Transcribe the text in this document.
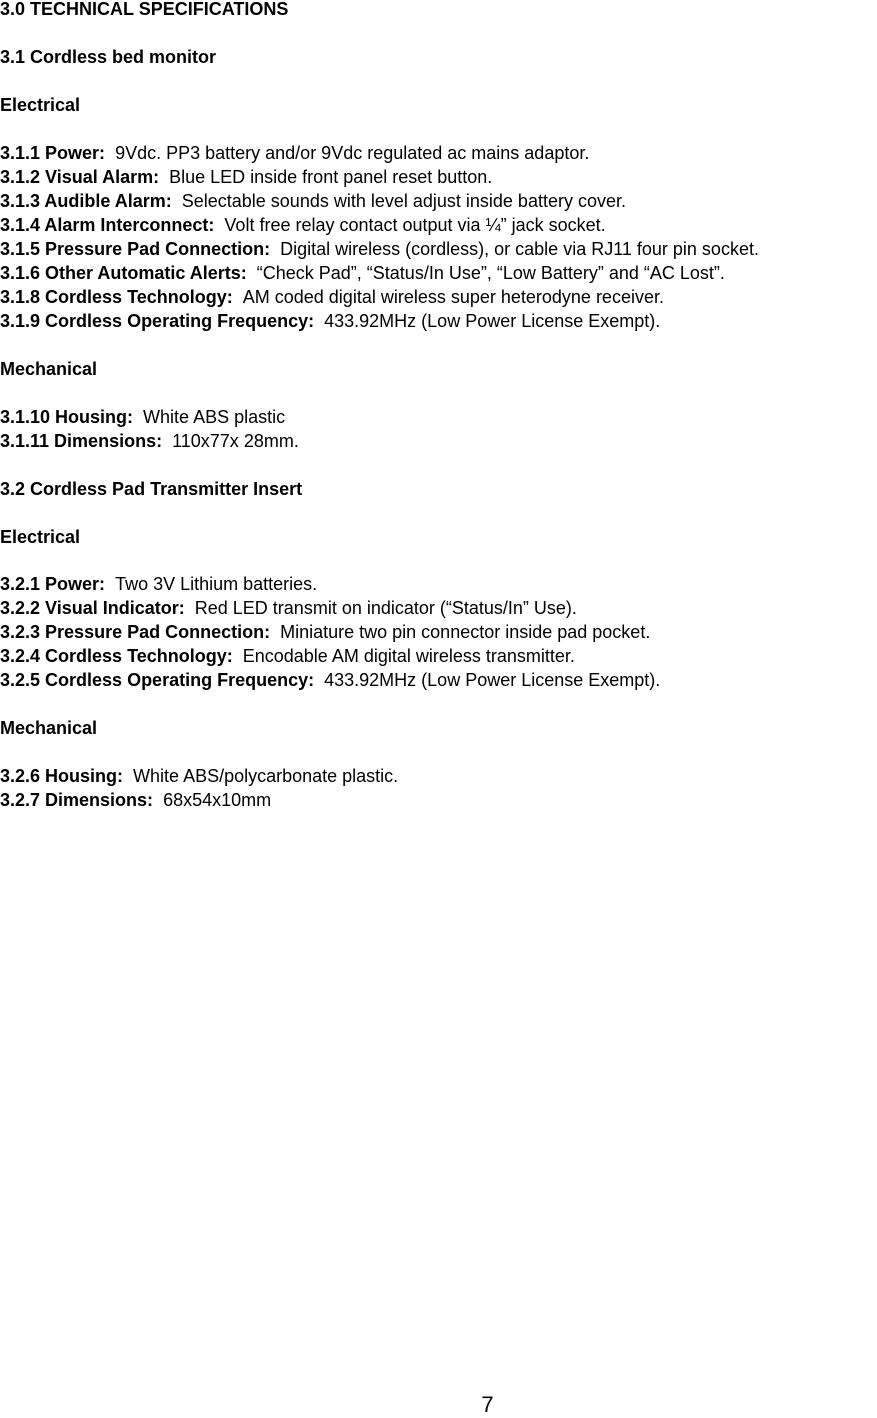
3.0 TECHNICAL SPECIFICATIONS
3.1 Cordless bed monitor
Electrical
3.1.1 Power: 9Vdc. PP3 battery and/or 9Vdc regulated ac mains adaptor.
3.1.2 Visual Alarm: Blue LED inside front panel reset button.
3.1.3 Audible Alarm: Selectable sounds with level adjust inside battery cover.
3.1.4 Alarm Interconnect: Volt free relay contact output via ¼” jack socket.
3.1.5 Pressure Pad Connection: Digital wireless (cordless), or cable via RJ11 four pin socket.
3.1.6 Other Automatic Alerts: “Check Pad”, “Status/In Use”, “Low Battery” and “AC Lost”.
3.1.8 Cordless Technology: AM coded digital wireless super heterodyne receiver.
3.1.9 Cordless Operating Frequency: 433.92MHz (Low Power License Exempt).
Mechanical
3.1.10 Housing: White ABS plastic
3.1.11 Dimensions: 110x77x 28mm.
3.2 Cordless Pad Transmitter Insert
Electrical
3.2.1 Power: Two 3V Lithium batteries.
3.2.2 Visual Indicator: Red LED transmit on indicator (“Status/In” Use).
3.2.3 Pressure Pad Connection: Miniature two pin connector inside pad pocket.
3.2.4 Cordless Technology: Encodable AM digital wireless transmitter.
3.2.5 Cordless Operating Frequency: 433.92MHz (Low Power License Exempt).
Mechanical
3.2.6 Housing: White ABS/polycarbonate plastic.
3.2.7 Dimensions: 68x54x10mm
7
